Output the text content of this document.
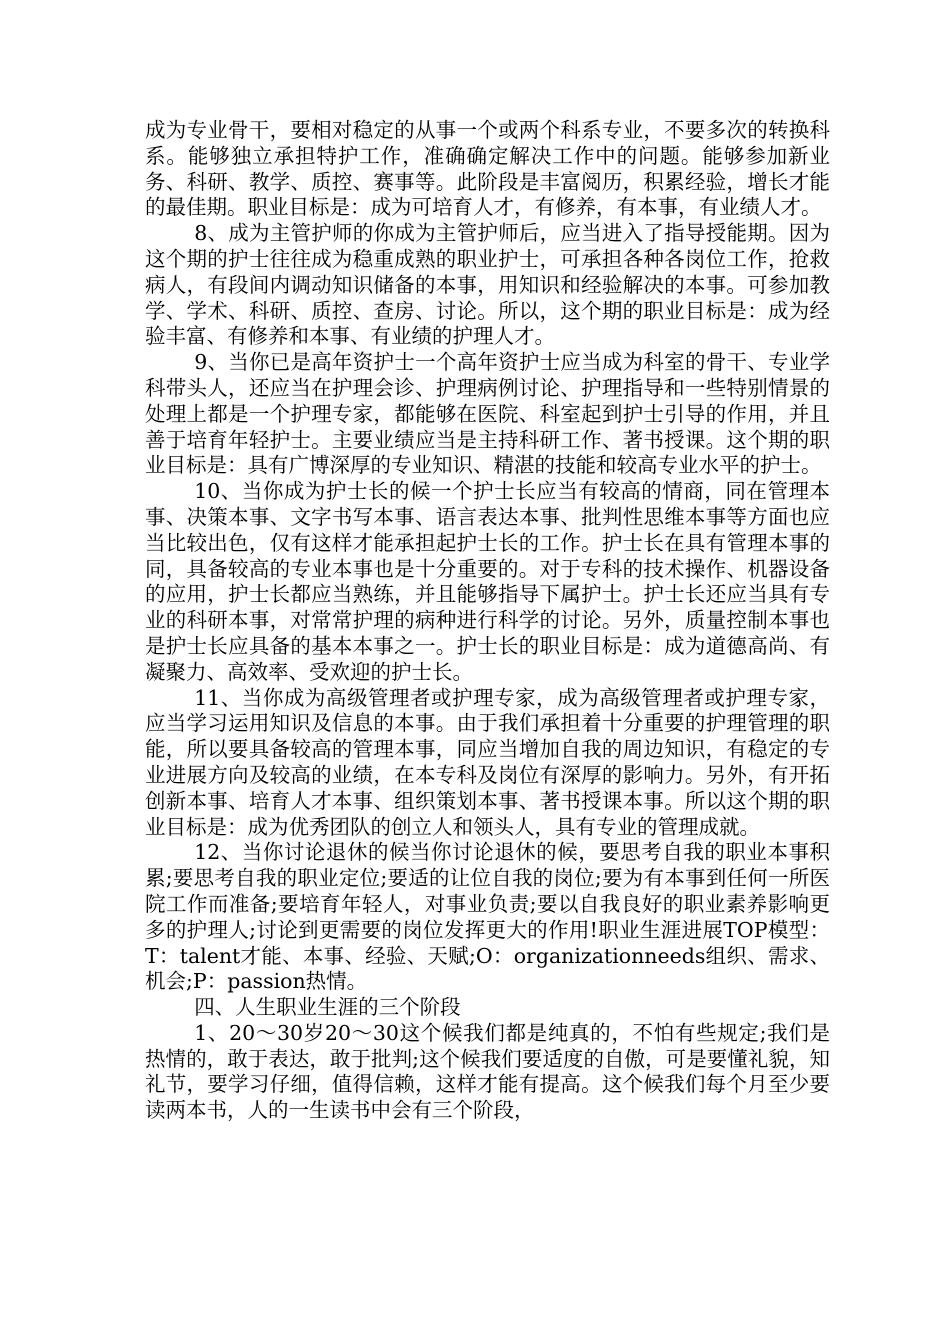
成为专业骨干，要相对稳定的从事一个或两个科系专业，不要多次的转换科系。能够独立承担特护工作，准确确定解决工作中的问题。能够参加新业务、科研、教学、质控、赛事等。此阶段是丰富阅历，积累经验，增长才能的最佳期。职业目标是：成为可培育人才，有修养，有本事，有业绩人才。

8、成为主管护师的你成为主管护师后，应当进入了指导授能期。因为这个期的护士往往成为稳重成熟的职业护士，可承担各种各岗位工作，抢救病人，有段间内调动知识储备的本事，用知识和经验解决的本事。可参加教学、学术、科研、质控、查房、讨论。所以，这个期的职业目标是：成为经验丰富、有修养和本事、有业绩的护理人才。

9、当你已是高年资护士一个高年资护士应当成为科室的骨干、专业学科带头人，还应当在护理会诊、护理病例讨论、护理指导和一些特别情景的处理上都是一个护理专家，都能够在医院、科室起到护士引导的作用，并且善于培育年轻护士。主要业绩应当是主持科研工作、著书授课。这个期的职业目标是：具有广博深厚的专业知识、精湛的技能和较高专业水平的护士。

10、当你成为护士长的候一个护士长应当有较高的情商，同在管理本事、决策本事、文字书写本事、语言表达本事、批判性思维本事等方面也应当比较出色，仅有这样才能承担起护士长的工作。护士长在具有管理本事的同，具备较高的专业本事也是十分重要的。对于专科的技术操作、机器设备的应用，护士长都应当熟练，并且能够指导下属护士。护士长还应当具有专业的科研本事，对常常护理的病种进行科学的讨论。另外，质量控制本事也是护士长应具备的基本本事之一。护士长的职业目标是：成为道德高尚、有凝聚力、高效率、受欢迎的护士长。

11、当你成为高级管理者或护理专家，成为高级管理者或护理专家，应当学习运用知识及信息的本事。由于我们承担着十分重要的护理管理的职能，所以要具备较高的管理本事，同应当增加自我的周边知识，有稳定的专业进展方向及较高的业绩，在本专科及岗位有深厚的影响力。另外，有开拓创新本事、培育人才本事、组织策划本事、著书授课本事。所以这个期的职业目标是：成为优秀团队的创立人和领头人，具有专业的管理成就。

12、当你讨论退休的候当你讨论退休的候，要思考自我的职业本事积累;要思考自我的职业定位;要适的让位自我的岗位;要为有本事到任何一所医院工作而准备;要培育年轻人，对事业负责;要以自我良好的职业素养影响更多的护理人;讨论到更需要的岗位发挥更大的作用!职业生涯进展TOP模型：T：talent才能、本事、经验、天赋;O：organizationneeds组织、需求、机会;P：passion热情。

四、人生职业生涯的三个阶段

1、20～30岁20～30这个候我们都是纯真的，不怕有些规定;我们是热情的，敢于表达，敢于批判;这个候我们要适度的自傲，可是要懂礼貌，知礼节，要学习仔细，值得信赖，这样才能有提高。这个候我们每个月至少要读两本书，人的一生读书中会有三个阶段，
